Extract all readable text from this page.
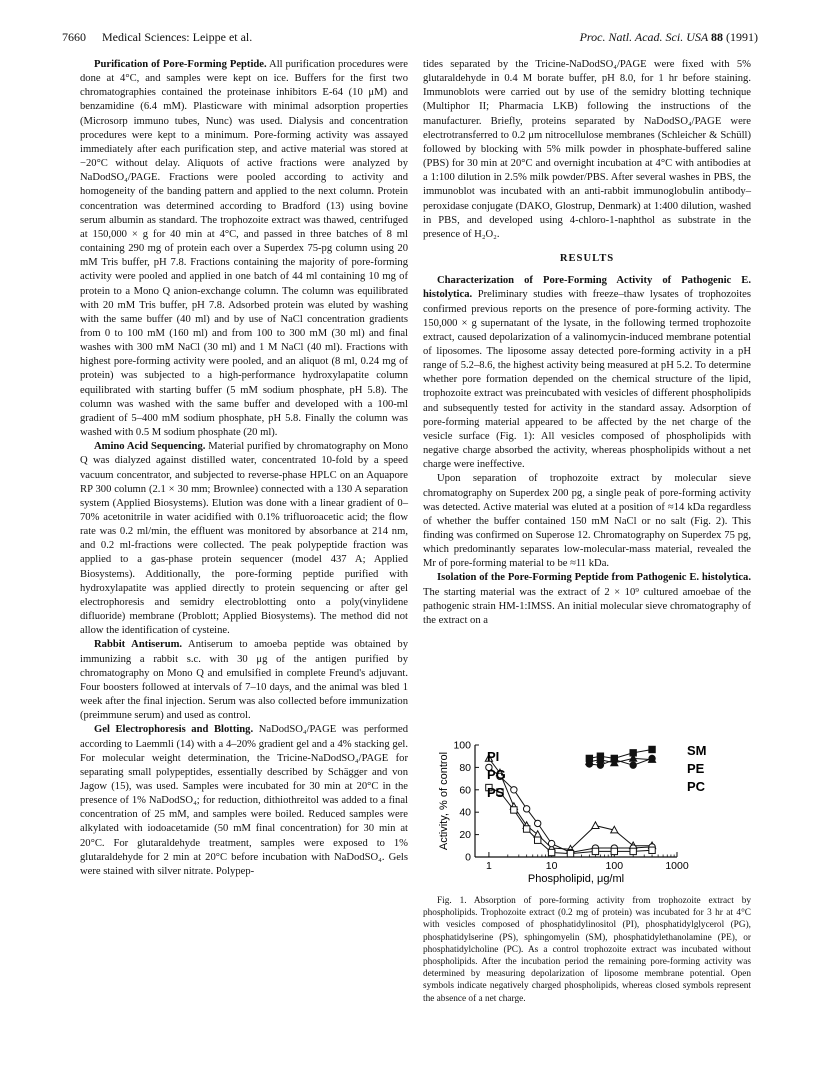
7660 Medical Sciences: Leippe et al.	Proc. Natl. Acad. Sci. USA 88 (1991)

Purification of Pore-Forming Peptide. All purification procedures were done at 4°C, and samples were kept on ice. Buffers for the first two chromatographies contained the proteinase inhibitors E-64 (10 μM) and benzamidine (6.4 mM). Plasticware with minimal adsorption properties (Microsorp immuno tubes, Nunc) was used. Dialysis and concentration procedures were kept to a minimum. Pore-forming activity was assayed immediately after each purification step, and active material was stored at −20°C without delay. Aliquots of active fractions were analyzed by NaDodSO₄/PAGE. Fractions were pooled according to activity and homogeneity of the banding pattern and applied to the next column. Protein concentration was determined according to Bradford (13) using bovine serum albumin as standard. The trophozoite extract was thawed, centrifuged at 150,000 × g for 40 min at 4°C, and passed in three batches of 8 ml containing 290 mg of protein each over a Superdex 75-pg column using 20 mM Tris buffer, pH 7.8. Fractions containing the majority of pore-forming activity were pooled and applied in one batch of 44 ml containing 10 mg of protein to a Mono Q anion-exchange column. The column was equilibrated with 20 mM Tris buffer, pH 7.8. Adsorbed protein was eluted by washing with the same buffer (40 ml) and by use of NaCl concentration gradients from 0 to 100 mM (160 ml) and from 100 to 300 mM (30 ml) and final washes with 300 mM NaCl (30 ml) and 1 M NaCl (40 ml). Fractions with highest pore-forming activity were pooled, and an aliquot (8 ml, 0.24 mg of protein) was subjected to a high-performance hydroxylapatite column equilibrated with starting buffer (5 mM sodium phosphate, pH 5.8). The column was washed with the same buffer and developed with a 100-ml gradient of 5–400 mM sodium phosphate, pH 5.8. Finally the column was washed with 0.5 M sodium phosphate (20 ml).

Amino Acid Sequencing. Material purified by chromatography on Mono Q was dialyzed against distilled water, concentrated 10-fold by a speed vacuum concentrator, and subjected to reverse-phase HPLC on an Aquapore RP 300 column (2.1 × 30 mm; Brownlee) connected with a 130 A separation system (Applied Biosystems). Elution was done with a linear gradient of 0–70% acetonitrile in water acidified with 0.1% trifluoroacetic acid; the flow rate was 0.2 ml/min, the effluent was monitored by absorbance at 214 nm, and 0.2 ml-fractions were collected. The peak polypeptide fraction was applied to a gas-phase protein sequencer (model 437 A; Applied Biosystems). Additionally, the pore-forming peptide purified with hydroxylapatite was applied directly to protein sequencing or after gel electrophoresis and semidry electroblotting onto a poly(vinylidene difluoride) membrane (Problott; Applied Biosystems). The method did not allow the identification of cysteine.

Rabbit Antiserum. Antiserum to amoeba peptide was obtained by immunizing a rabbit s.c. with 30 μg of the antigen purified by chromatography on Mono Q and emulsified in complete Freund's adjuvant. Four boosters followed at intervals of 7–10 days, and the animal was bled 1 week after the final injection. Serum was also collected before immunization (preimmune serum) and used as control.

Gel Electrophoresis and Blotting. NaDodSO₄/PAGE was performed according to Laemmli (14) with a 4–20% gradient gel and a 4% stacking gel. For molecular weight determination, the Tricine-NaDodSO₄/PAGE for separating small polypeptides, essentially described by Schägger and von Jagow (15), was used. Samples were incubated for 30 min at 20°C in the presence of 1% NaDodSO₄; for reduction, dithiothreitol was added to a final concentration of 25 mM, and samples were boiled. Reduced samples were alkylated with iodoacetamide (50 mM final concentration) for 30 min at 20°C. For glutaraldehyde treatment, samples were exposed to 1% glutaraldehyde for 2 min at 20°C before incubation with NaDodSO₄. Gels were stained with silver nitrate. Polypep-

tides separated by the Tricine-NaDodSO₄/PAGE were fixed with 5% glutaraldehyde in 0.4 M borate buffer, pH 8.0, for 1 hr before staining. Immunoblots were carried out by use of the semidry blotting technique (Multiphor II; Pharmacia LKB) following the instructions of the manufacturer. Briefly, proteins separated by NaDodSO₄/PAGE were electrotransferred to 0.2 μm nitrocellulose membranes (Schleicher & Schüll) followed by blocking with 5% milk powder in phosphate-buffered saline (PBS) for 30 min at 20°C and overnight incubation at 4°C with antibodies at a 1:100 dilution in 2.5% milk powder/PBS. After several washes in PBS, the immunoblot was incubated with an anti-rabbit immunoglobulin antibody–peroxidase conjugate (DAKO, Glostrup, Denmark) at 1:400 dilution, washed in PBS, and developed using 4-chloro-1-naphthol as substrate in the presence of H₂O₂.

RESULTS

Characterization of Pore-Forming Activity of Pathogenic E. histolytica. Preliminary studies with freeze–thaw lysates of trophozoites confirmed previous reports on the presence of pore-forming activity. The 150,000 × g supernatant of the lysate, in the following termed trophozoite extract, caused depolarization of a valinomycin-induced membrane potential of liposomes. The liposome assay detected pore-forming activity in a pH range of 5.2–8.6, the highest activity being measured at pH 5.2. To determine whether pore formation depended on the chemical structure of the lipid, trophozoite extract was preincubated with vesicles of different phospholipids and subsequently tested for activity in the standard assay. Adsorption of pore-forming material appeared to be affected by the net charge of the vesicle surface (Fig. 1): All vesicles composed of phospholipids with negative charge absorbed the activity, whereas phospholipids without a net charge were ineffective.

Upon separation of trophozoite extract by molecular sieve chromatography on Superdex 200 pg, a single peak of pore-forming activity was detected. Active material was eluted at a position of ≈14 kDa regardless of whether the buffer contained 150 mM NaCl or no salt (Fig. 2). This finding was confirmed on Superose 12. Chromatography on Superdex 75 pg, which predominantly separates low-molecular-mass material, revealed the Mr of pore-forming material to be ≈11 kDa.

Isolation of the Pore-Forming Peptide from Pathogenic E. histolytica. The starting material was the extract of 2 × 10⁹ cultured amoebae of the pathogenic strain HM-1:IMSS. An initial molecular sieve chromatography of the extract on a

0
20
40
60
80
100
1	10	100	1000
Phospholipid, μg/ml
Activity, % of control	PI
PG
PS
SM
PE
PC

Fig. 1. Absorption of pore-forming activity from trophozoite extract by phospholipids. Trophozoite extract (0.2 mg of protein) was incubated for 3 hr at 4°C with vesicles composed of phosphatidylinositol (PI), phosphatidylglycerol (PG), phosphatidylserine (PS), sphingomyelin (SM), phosphatidylethanolamine (PE), or phosphatidylcholine (PC). As a control trophozoite extract was incubated without phospholipids. After the incubation period the remaining pore-forming activity was determined by measuring depolarization of liposome membrane potential. Open symbols indicate negatively charged phospholipids, whereas closed symbols represent the absence of a net charge.
